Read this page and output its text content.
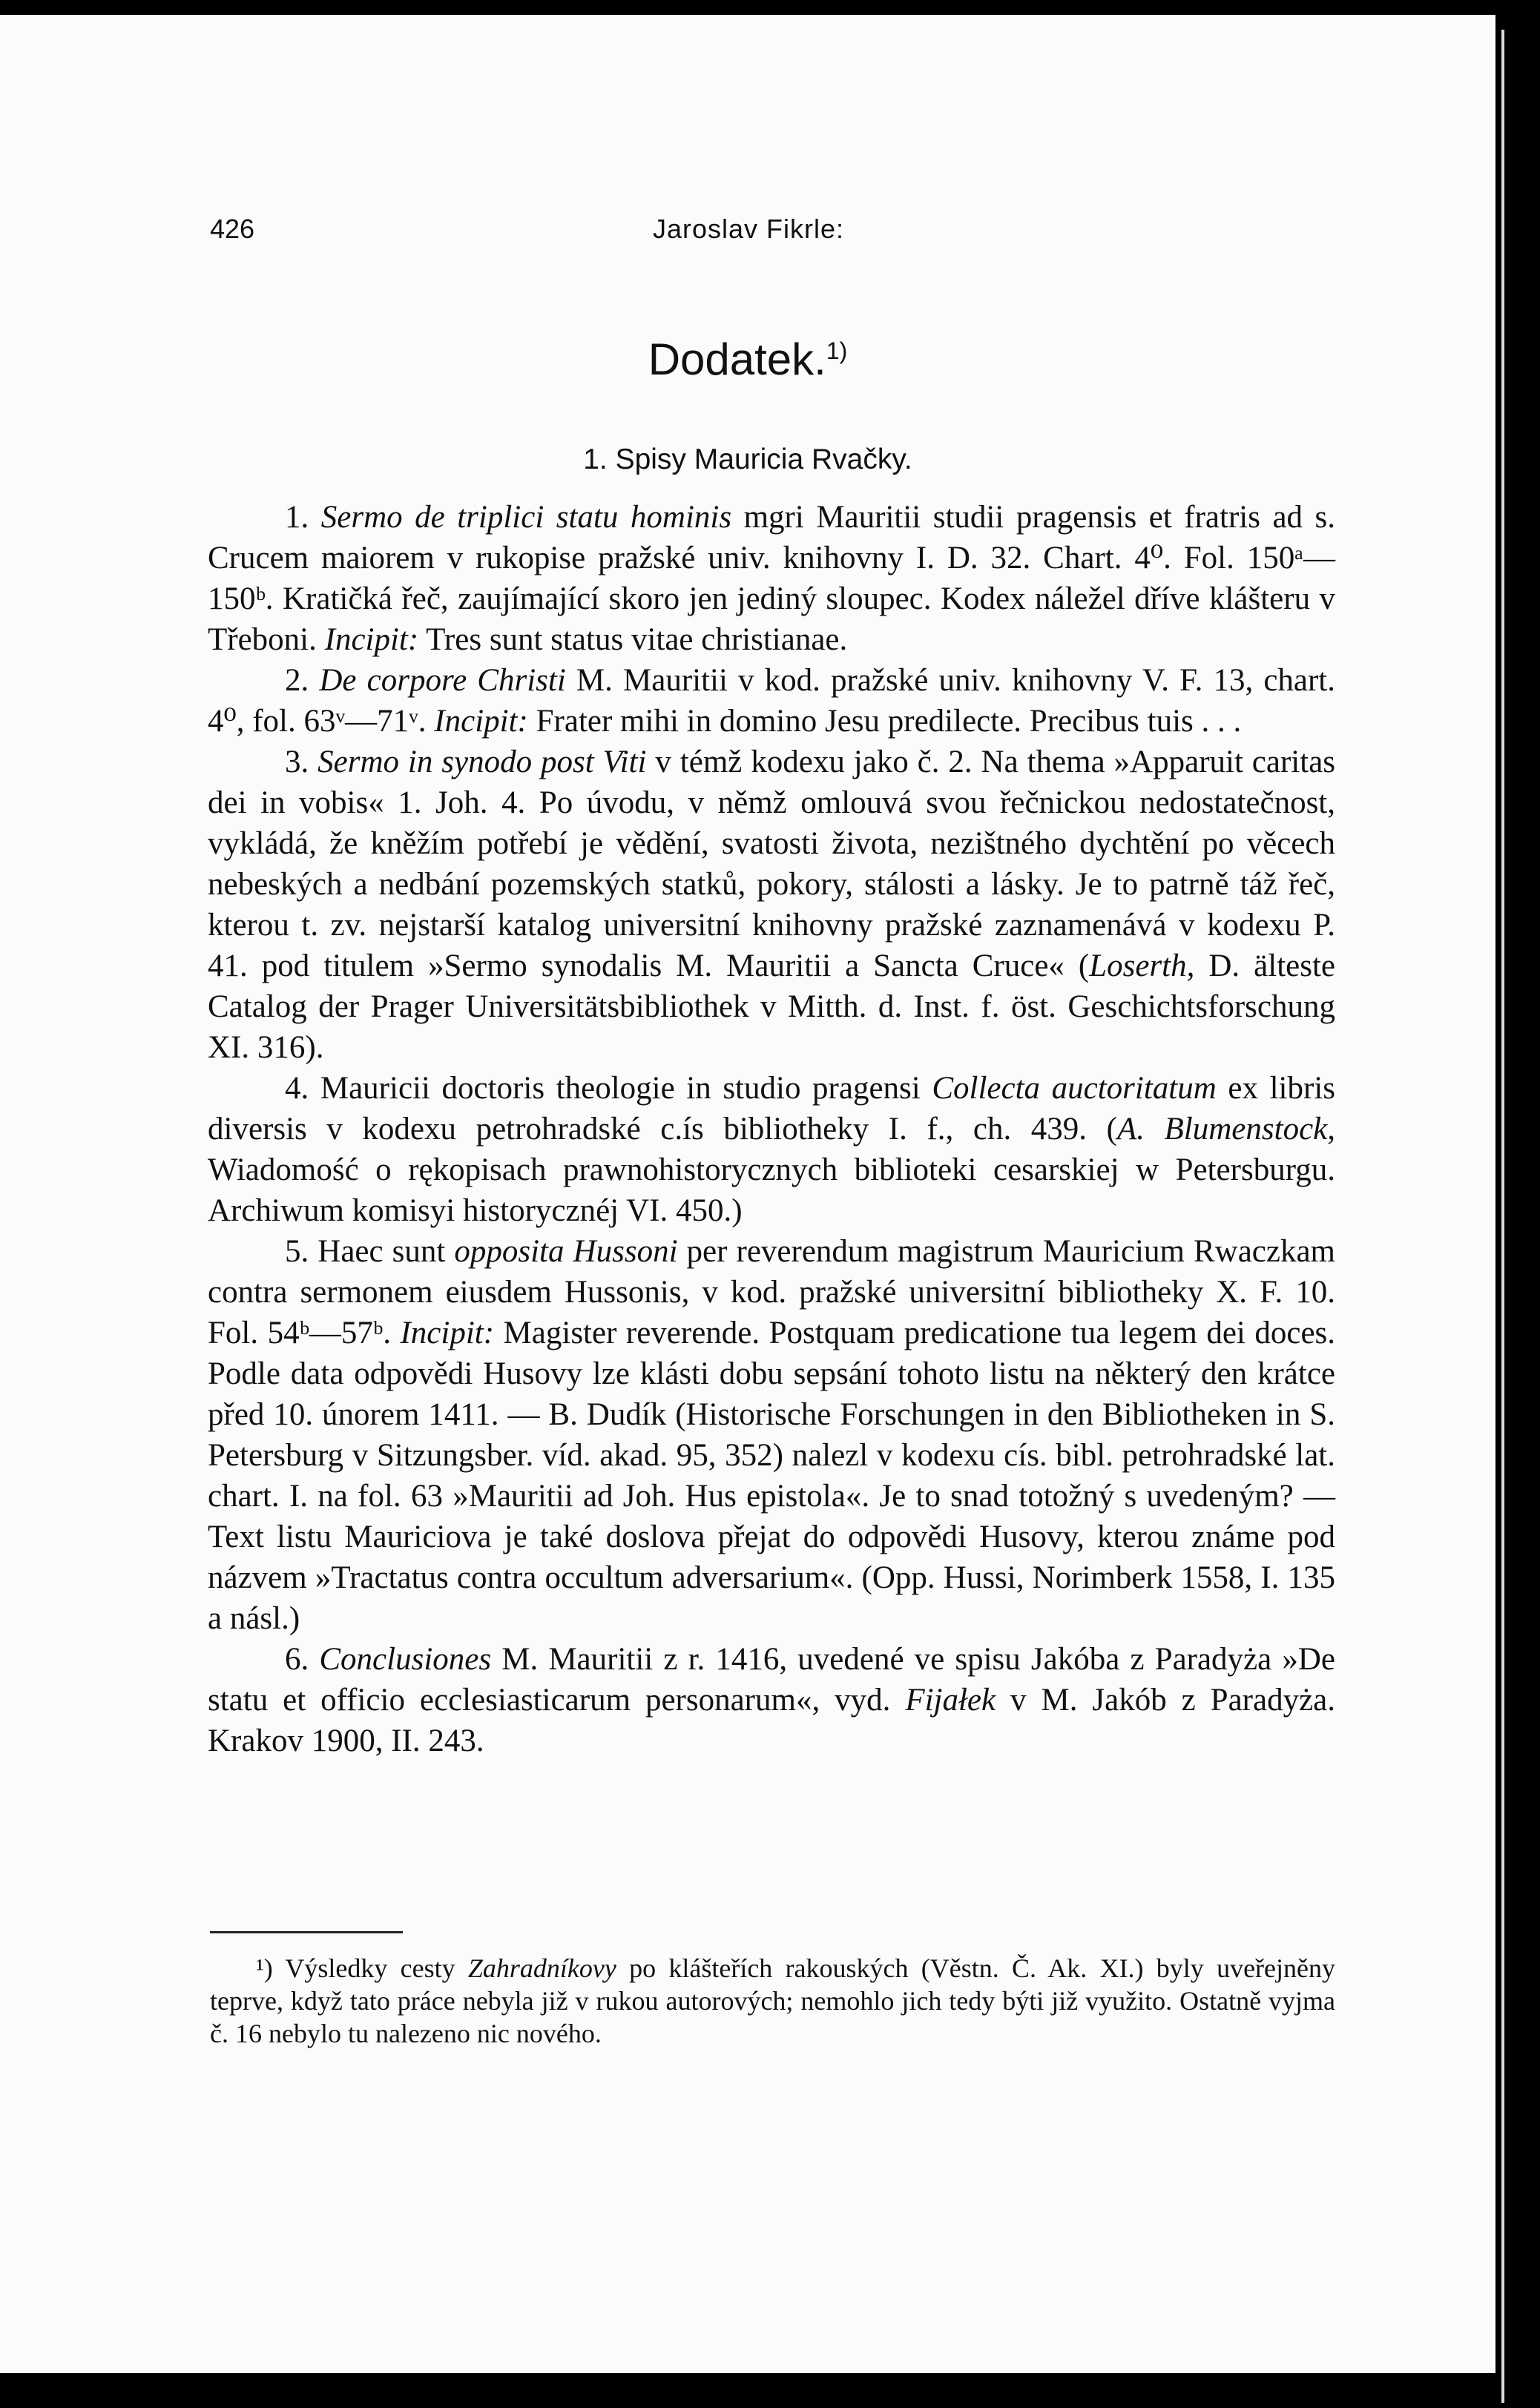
426	Jaroslav Fikrle:
Dodatek.$^{1)}$
1. Spisy Mauricia Rvačky.

1. Sermo de triplici statu hominis mgri Mauritii studii pragensis et fratris ad s. Crucem maiorem v rukopise pražské univ. knihovny I. D. 32. Chart. 4⁰. Fol. 150ᵃ—150ᵇ. Kratičká řeč, zaujímající skoro jen jediný sloupec. Kodex náležel dříve klášteru v Třeboni. Incipit: Tres sunt status vitae christianae.

2. De corpore Christi M. Mauritii v kod. pražské univ. knihovny V. F. 13, chart. 4⁰, fol. 63ᵛ—71ᵛ. Incipit: Frater mihi in domino Jesu predilecte. Precibus tuis . . .

3. Sermo in synodo post Viti v témž kodexu jako č. 2. Na thema »Apparuit caritas dei in vobis« 1. Joh. 4. Po úvodu, v němž omlouvá svou řečnickou nedostatečnost, vykládá, že kněžím potřebí je vědění, svatosti života, nezištného dychtění po věcech nebeských a nedbání pozemských statků, pokory, stálosti a lásky. Je to patrně táž řeč, kterou t. zv. nejstarší katalog universitní knihovny pražské zaznamenává v kodexu P. 41. pod titulem »Sermo synodalis M. Mauritii a Sancta Cruce« (Loserth, D. älteste Catalog der Prager Universitätsbibliothek v Mitth. d. Inst. f. öst. Geschichtsforschung XI. 316).

4. Mauricii doctoris theologie in studio pragensi Collecta auctoritatum ex libris diversis v kodexu petrohradské c.ís bibliotheky I. f., ch. 439. (A. Blumenstock, Wiadomość o rękopisach prawnohistorycznych biblioteki cesarskiej w Petersburgu. Archiwum komisyi historycznéj VI. 450.)

5. Haec sunt opposita Hussoni per reverendum magistrum Mauricium Rwaczkam contra sermonem eiusdem Hussonis, v kod. pražské universitní bibliotheky X. F. 10. Fol. 54ᵇ—57ᵇ. Incipit: Magister reverende. Postquam predicatione tua legem dei doces. Podle data odpovědi Husovy lze klásti dobu sepsání tohoto listu na některý den krátce před 10. únorem 1411. — B. Dudík (Historische Forschungen in den Bibliotheken in S. Petersburg v Sitzungsber. víd. akad. 95, 352) nalezl v kodexu cís. bibl. petrohradské lat. chart. I. na fol. 63 »Mauritii ad Joh. Hus epistola«. Je to snad totožný s uvedeným? — Text listu Mauriciova je také doslova přejat do odpovědi Husovy, kterou známe pod názvem »Tractatus contra occultum adversarium«. (Opp. Hussi, Norimberk 1558, I. 135 a násl.)

6. Conclusiones M. Mauritii z r. 1416, uvedené ve spisu Jakóba z Paradyża »De statu et officio ecclesiasticarum personarum«, vyd. Fijałek v M. Jakób z Paradyża. Krakov 1900, II. 243.

¹) Výsledky cesty Zahradníkovy po klášteřích rakouských (Věstn. Č. Ak. XI.) byly uveřejněny teprve, když tato práce nebyla již v rukou autorových; nemohlo jich tedy býti již využito. Ostatně vyjma č. 16 nebylo tu nalezeno nic nového.
